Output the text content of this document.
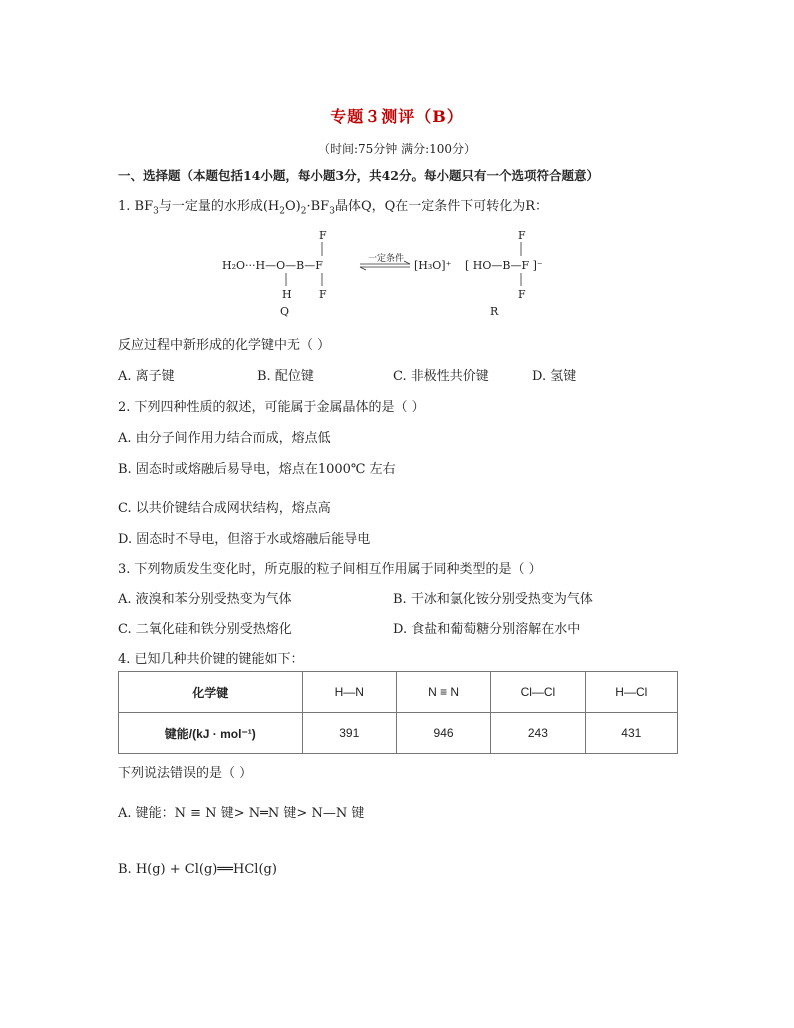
专题３测评（B）
（时间:75分钟 满分:100分）
一、选择题（本题包括14小题，每小题3分，共42分。每小题只有一个选项符合题意）
1. $BF_3$与一定量的水形成$(H_2O)_2\cdot BF_3$晶体Q，Q在一定条件下可转化为R：
F
H₂O···H—O—B—F
H F
Q
一定条件 [H₃O]⁺ [ HO—B—F ]⁻
F
F
R
反应过程中新形成的化学键中无（ ）
A. 离子键	B. 配位键	C. 非极性共价键	D. 氢键
2. 下列四种性质的叙述，可能属于金属晶体的是（ ）
A. 由分子间作用力结合而成，熔点低
B. 固态时或熔融后易导电，熔点在1000℃ 左右
C. 以共价键结合成网状结构，熔点高
D. 固态时不导电，但溶于水或熔融后能导电
3. 下列物质发生变化时，所克服的粒子间相互作用属于同种类型的是（ ）
A. 液溴和苯分别受热变为气体	B. 干冰和氯化铵分别受热变为气体
C. 二氧化硅和铁分别受热熔化	D. 食盐和葡萄糖分别溶解在水中
4. 已知几种共价键的键能如下：
化学键	H—N	N ≡ N	Cl—Cl	H—Cl
键能/(kJ · mol⁻¹)	391	946	243	431
下列说法错误的是（ ）
A. 键能：N ≡ N 键> N═N 键> N—N 键
B. H(g) + Cl(g)══HCl(g)
